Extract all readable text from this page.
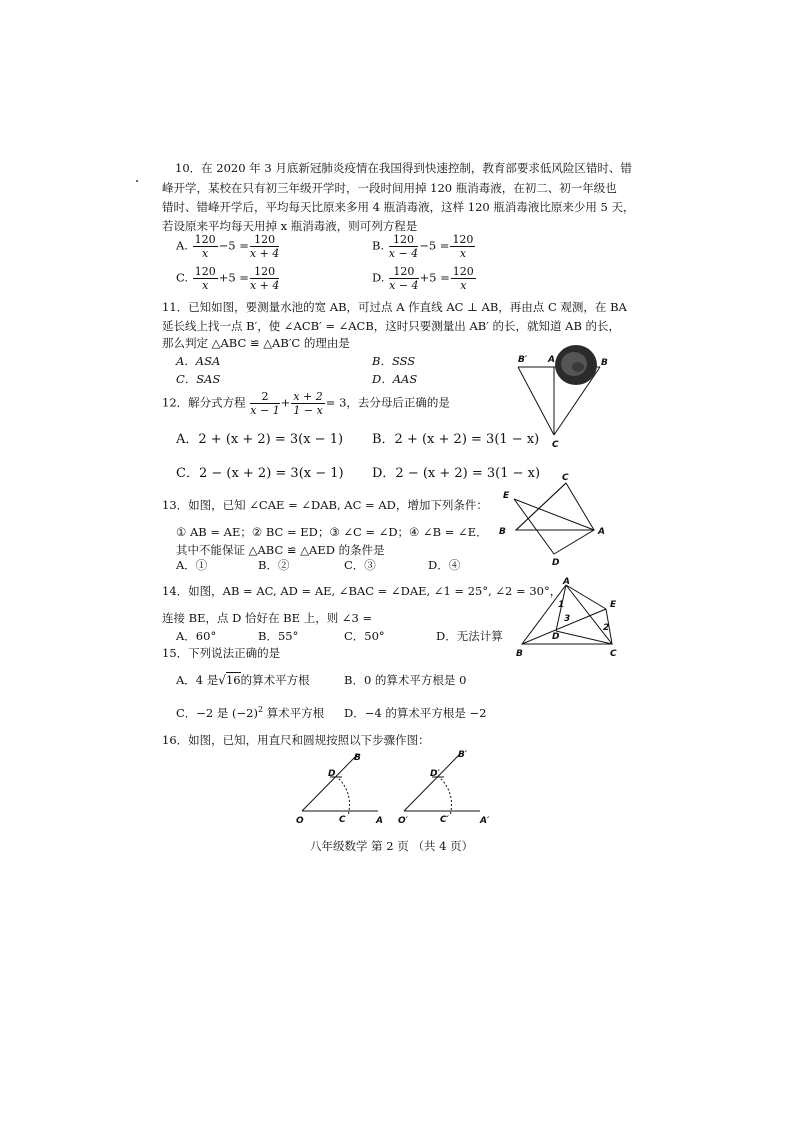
10．在 2020 年 3 月底新冠肺炎疫情在我国得到快速控制，教育部要求低风险区错时、错
峰开学，某校在只有初三年级开学时，一段时间用掉 120 瓶消毒液，在初二、初一年级也
错时、错峰开学后，平均每天比原来多用 4 瓶消毒液，这样 120 瓶消毒液比原来少用 5 天，
若设原来平均每天用掉 x 瓶消毒液，则可列方程是
A. $\frac{120}{x} -5 = \frac{120}{x + 4}$	B. $\frac{120}{x - 4} -5 = \frac{120}{x}$
C. $\frac{120}{x} +5 = \frac{120}{x + 4}$	D. $\frac{120}{x - 4} +5 = \frac{120}{x}$
11．已知如图，要测量水池的宽 AB，可过点 A 作直线 AC ⊥ AB，再由点 C 观测，在 BA
延长线上找一点 B′，使 ∠ACB′ = ∠ACB，这时只要测量出 AB′ 的长，就知道 AB 的长，
那么判定 △ABC ≌ △AB′C 的理由是
A．ASA	B．SSS
C．SAS	D．AAS
B′ A	B
C
12．解分式方程 $\frac{2}{x - 1} + \frac{x + 2}{1 - x} = 3$，去分母后正确的是
A．2 + (x + 2) = 3(x − 1) B．2 + (x + 2) = 3(1 − x)
C．2 − (x + 2) = 3(x − 1) D．2 − (x + 2) = 3(1 − x)
13．如图，已知 ∠CAE = ∠DAB, AC = AD，增加下列条件：
① AB = AE；② BC = ED；③ ∠C = ∠D；④ ∠B = ∠E．
其中不能保证 △ABC ≌ △AED 的条件是
A．①	B．②	C．③	D．④
C
E
B	A
D
14．如图，AB = AC, AD = AE, ∠BAC = ∠DAE, ∠1 = 25°, ∠2 = 30°，
连接 BE，点 D 恰好在 BE 上，则 ∠3 =
A．60°	B．55°	C．50°	D．无法计算
A
E
1
3
2
D
B	C
15．下列说法正确的是
A．4 是√16的算术平方根	B．0 的算术平方根是 0
C．−2 是 $(-2)^2$ 算术平方根 D．−4 的算术平方根是 −2
16．如图，已知，用直尺和圆规按照以下步骤作图：
B
D
O	C	A
B′
D′
O′	C′	A′
八年级数学 第 2 页 （共 4 页）
